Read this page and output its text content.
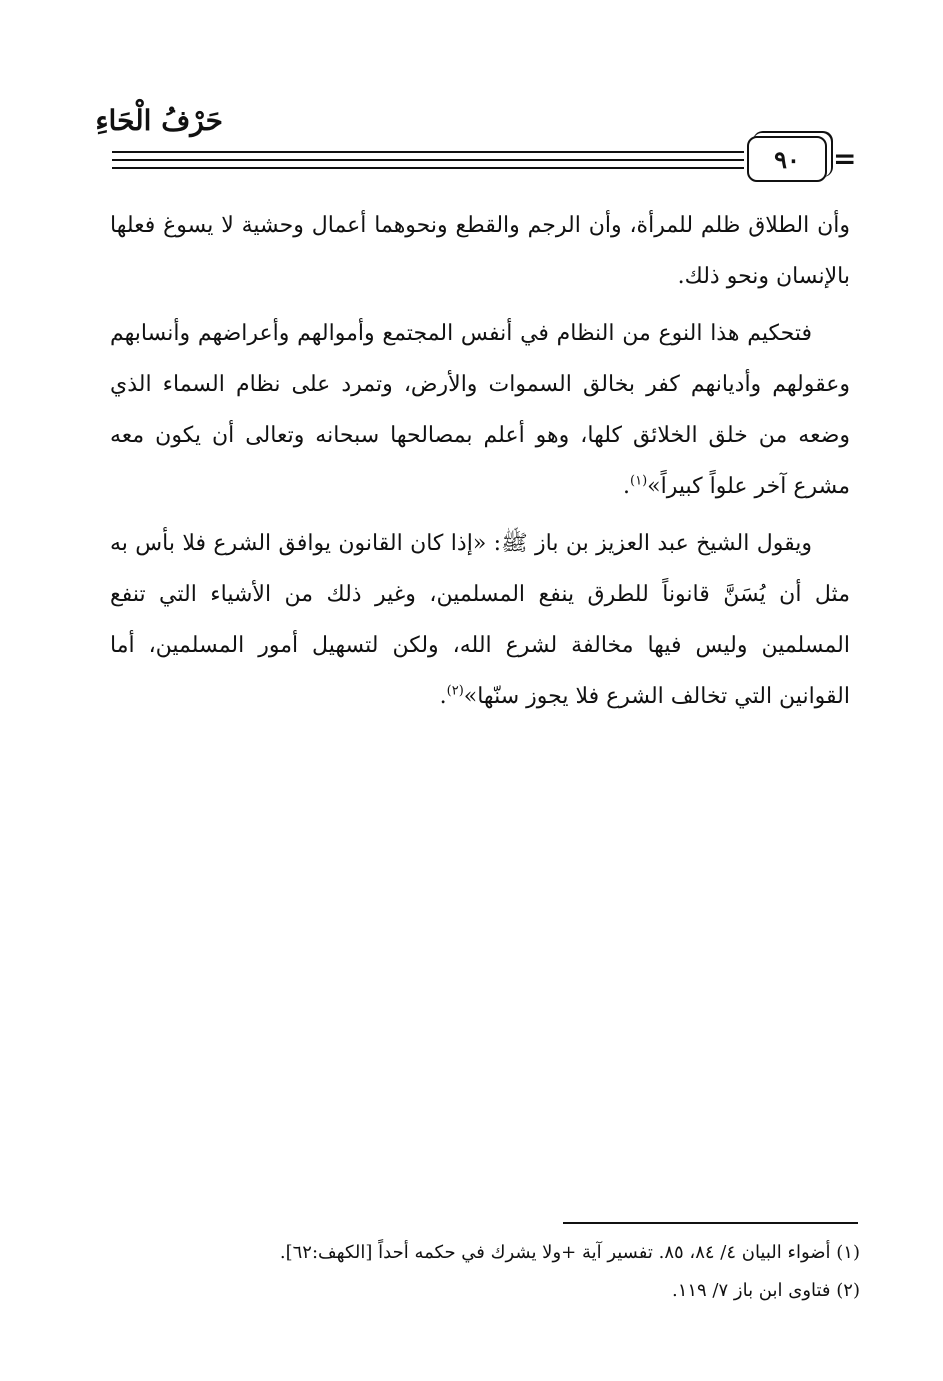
حَرْفُ الْحَاءِ
٩٠ =

وأن الطلاق ظلم للمرأة، وأن الرجم والقطع ونحوهما أعمال وحشية لا يسوغ فعلها بالإنسان ونحو ذلك.

فتحكيم هذا النوع من النظام في أنفس المجتمع وأموالهم وأعراضهم وأنسابهم وعقولهم وأديانهم كفر بخالق السموات والأرض، وتمرد على نظام السماء الذي وضعه من خلق الخلائق كلها، وهو أعلم بمصالحها سبحانه وتعالى أن يكون معه مشرع آخر علواً كبيراً»$^{(١)}$.

ويقول الشيخ عبد العزيز بن باز ﷺ: «إذا كان القانون يوافق الشرع فلا بأس به مثل أن يُسَنَّ قانوناً للطرق ينفع المسلمين، وغير ذلك من الأشياء التي تنفع المسلمين وليس فيها مخالفة لشرع الله، ولكن لتسهيل أمور المسلمين، أما القوانين التي تخالف الشرع فلا يجوز سنّها»$^{(٢)}$.

(١) أضواء البيان ٤/ ٨٤، ٨٥. تفسير آية +ولا يشرك في حكمه أحداً [الكهف:٦٢].

(٢) فتاوى ابن باز ٧/ ١١٩.
